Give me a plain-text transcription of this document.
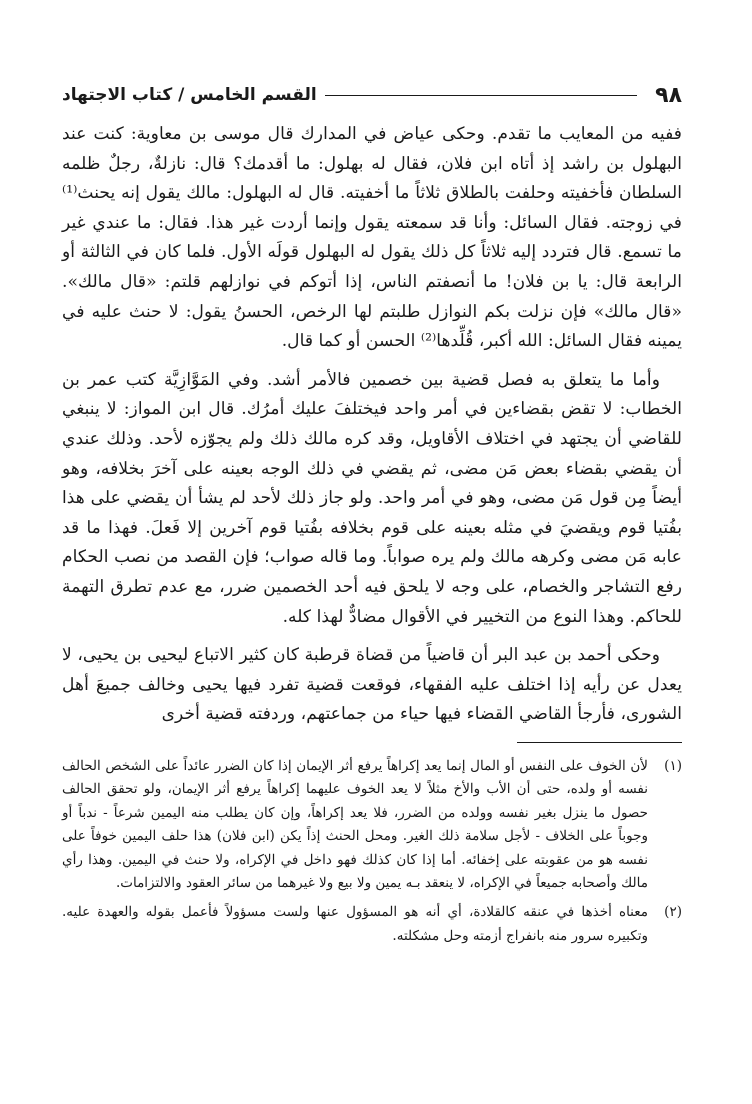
٩٨
القسم الخامس / كتاب الاجتهاد

ففيه من المعايب ما تقدم. وحكى عياض في المدارك قال موسى بن معاوية: كنت عند البهلول بن راشد إذ أتاه ابن فلان، فقال له بهلول: ما أقدمك؟ قال: نازلةٌ، رجلٌ ظلمه السلطان فأخفيته وحلفت بالطلاق ثلاثاً ما أخفيته. قال له البهلول: مالك يقول إنه يحنث⁽¹⁾ في زوجته. فقال السائل: وأنا قد سمعته يقول وإنما أردت غير هذا. فقال: ما عندي غير ما تسمع. قال فتردد إليه ثلاثاً كل ذلك يقول له البهلول قولَه الأول. فلما كان في الثالثة أو الرابعة قال: يا بن فلان! ما أنصفتم الناس، إذا أتوكم في نوازلهم قلتم: «قال مالك». «قال مالك» فإن نزلت بكم النوازل طلبتم لها الرخص، الحسنُ يقول: لا حنث عليه في يمينه فقال السائل: الله أكبر، قُلِّدها⁽²⁾ الحسن أو كما قال.

وأما ما يتعلق به فصل قضية بين خصمين فالأمر أشد. وفي المَوَّازِيَّة كتب عمر بن الخطاب: لا تقض بقضاءين في أمر واحد فيختلفَ عليك أمرُك. قال ابن المواز: لا ينبغي للقاضي أن يجتهد في اختلاف الأقاويل، وقد كره مالك ذلك ولم يجوّزه لأحد. وذلك عندي أن يقضي بقضاء بعض مَن مضى، ثم يقضي في ذلك الوجه بعينه على آخرَ بخلافه، وهو أيضاً مِن قول مَن مضى، وهو في أمر واحد. ولو جاز ذلك لأحد لم يشأ أن يقضي على هذا بفُتيا قوم ويقضيَ في مثله بعينه على قوم بخلافه بفُتيا قوم آخرين إلا فَعلَ. فهذا ما قد عابه مَن مضى وكرهه مالك ولم يره صواباً. وما قاله صواب؛ فإن القصد من نصب الحكام رفع التشاجر والخصام، على وجه لا يلحق فيه أحد الخصمين ضرر، مع عدم تطرق التهمة للحاكم. وهذا النوع من التخيير في الأقوال مضادٌّ لهذا كله.

وحكى أحمد بن عبد البر أن قاضياً من قضاة قرطبة كان كثير الاتباع ليحيى بن يحيى، لا يعدل عن رأيه إذا اختلف عليه الفقهاء، فوقعت قضية تفرد فيها يحيى وخالف جميعَ أهل الشورى، فأرجأ القاضي القضاء فيها حياء من جماعتهم، وردفته قضية أخرى

(١)
لأن الخوف على النفس أو المال إنما يعد إكراهاً يرفع أثر الإيمان إذا كان الضرر عائداً على الشخص الحالف نفسه أو ولده، حتى أن الأب والأخ مثلاً لا يعد الخوف عليهما إكراهاً يرفع أثر الإيمان، ولو تحقق الحالف حصول ما ينزل بغير نفسه وولده من الضرر، فلا يعد إكراهاً، وإن كان يطلب منه اليمين شرعاً - ندباً أو وجوباً على الخلاف - لأجل سلامة ذلك الغير. ومحل الحنث إذاً يكن (ابن فلان) هذا حلف اليمين خوفاً على نفسه هو من عقوبته على إخفائه. أما إذا كان كذلك فهو داخل في الإكراه، ولا حنث في اليمين. وهذا رأي مالك وأصحابه جميعاً في الإكراه، لا ينعقد بـه يمين ولا بيع ولا غيرهما من سائر العقود والالتزامات.
(٢)
معناه أخذها في عنقه كالقلادة، أي أنه هو المسؤول عنها ولست مسؤولاً فأعمل بقوله والعهدة عليه. وتكبيره سرور منه بانفراج أزمته وحل مشكلته.
